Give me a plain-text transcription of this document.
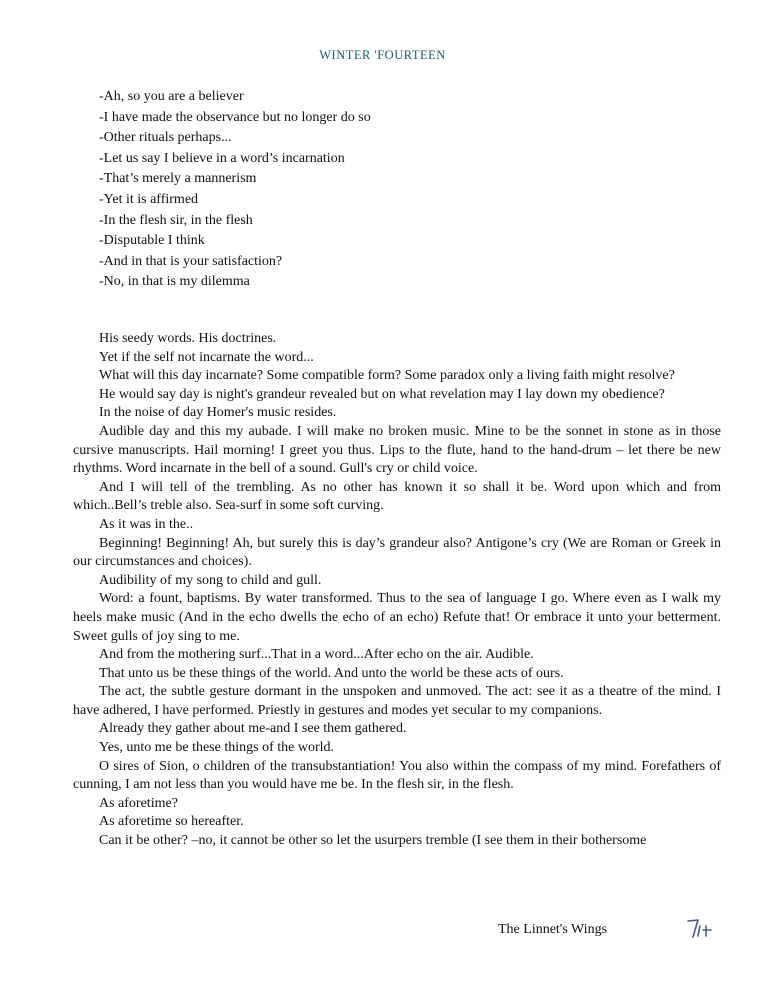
WINTER 'FOURTEEN
-Ah, so you are a believer
-I have made the observance but no longer do so
-Other rituals perhaps...
-Let us say I believe in a word’s incarnation
-That’s merely a mannerism
-Yet it is affirmed
-In the flesh sir, in the flesh
-Disputable I think
-And in that is your satisfaction?
-No, in that is my dilemma

His seedy words. His doctrines.

Yet if the self not incarnate the word...

What will this day incarnate? Some compatible form? Some paradox only a living faith might resolve?

He would say day is night's grandeur revealed but on what revelation may I lay down my obedience?

In the noise of day Homer's music resides.

Audible day and this my aubade. I will make no broken music. Mine to be the sonnet in stone as in those cursive manuscripts. Hail morning! I greet you thus. Lips to the flute, hand to the hand-drum – let there be new rhythms. Word incarnate in the bell of a sound. Gull's cry or child voice.

And I will tell of the trembling. As no other has known it so shall it be. Word upon which and from which..Bell’s treble also. Sea-surf in some soft curving.

As it was in the..

Beginning! Beginning! Ah, but surely this is day’s grandeur also? Antigone’s cry (We are Roman or Greek in our circumstances and choices).

Audibility of my song to child and gull.

Word: a fount, baptisms. By water transformed. Thus to the sea of language I go. Where even as I walk my heels make music (And in the echo dwells the echo of an echo) Refute that! Or embrace it unto your betterment. Sweet gulls of joy sing to me.

And from the mothering surf...That in a word...After echo on the air. Audible.

That unto us be these things of the world. And unto the world be these acts of ours.

The act, the subtle gesture dormant in the unspoken and unmoved. The act: see it as a theatre of the mind. I have adhered, I have performed. Priestly in gestures and modes yet secular to my companions.

Already they gather about me-and I see them gathered.

Yes, unto me be these things of the world.

O sires of Sion, o children of the transubstantiation! You also within the compass of my mind. Forefathers of cunning, I am not less than you would have me be. In the flesh sir, in the flesh.

As aforetime?

As aforetime so hereafter.

Can it be other? –no, it cannot be other so let the usurpers tremble (I see them in their bothersome

The Linnet's Wings
